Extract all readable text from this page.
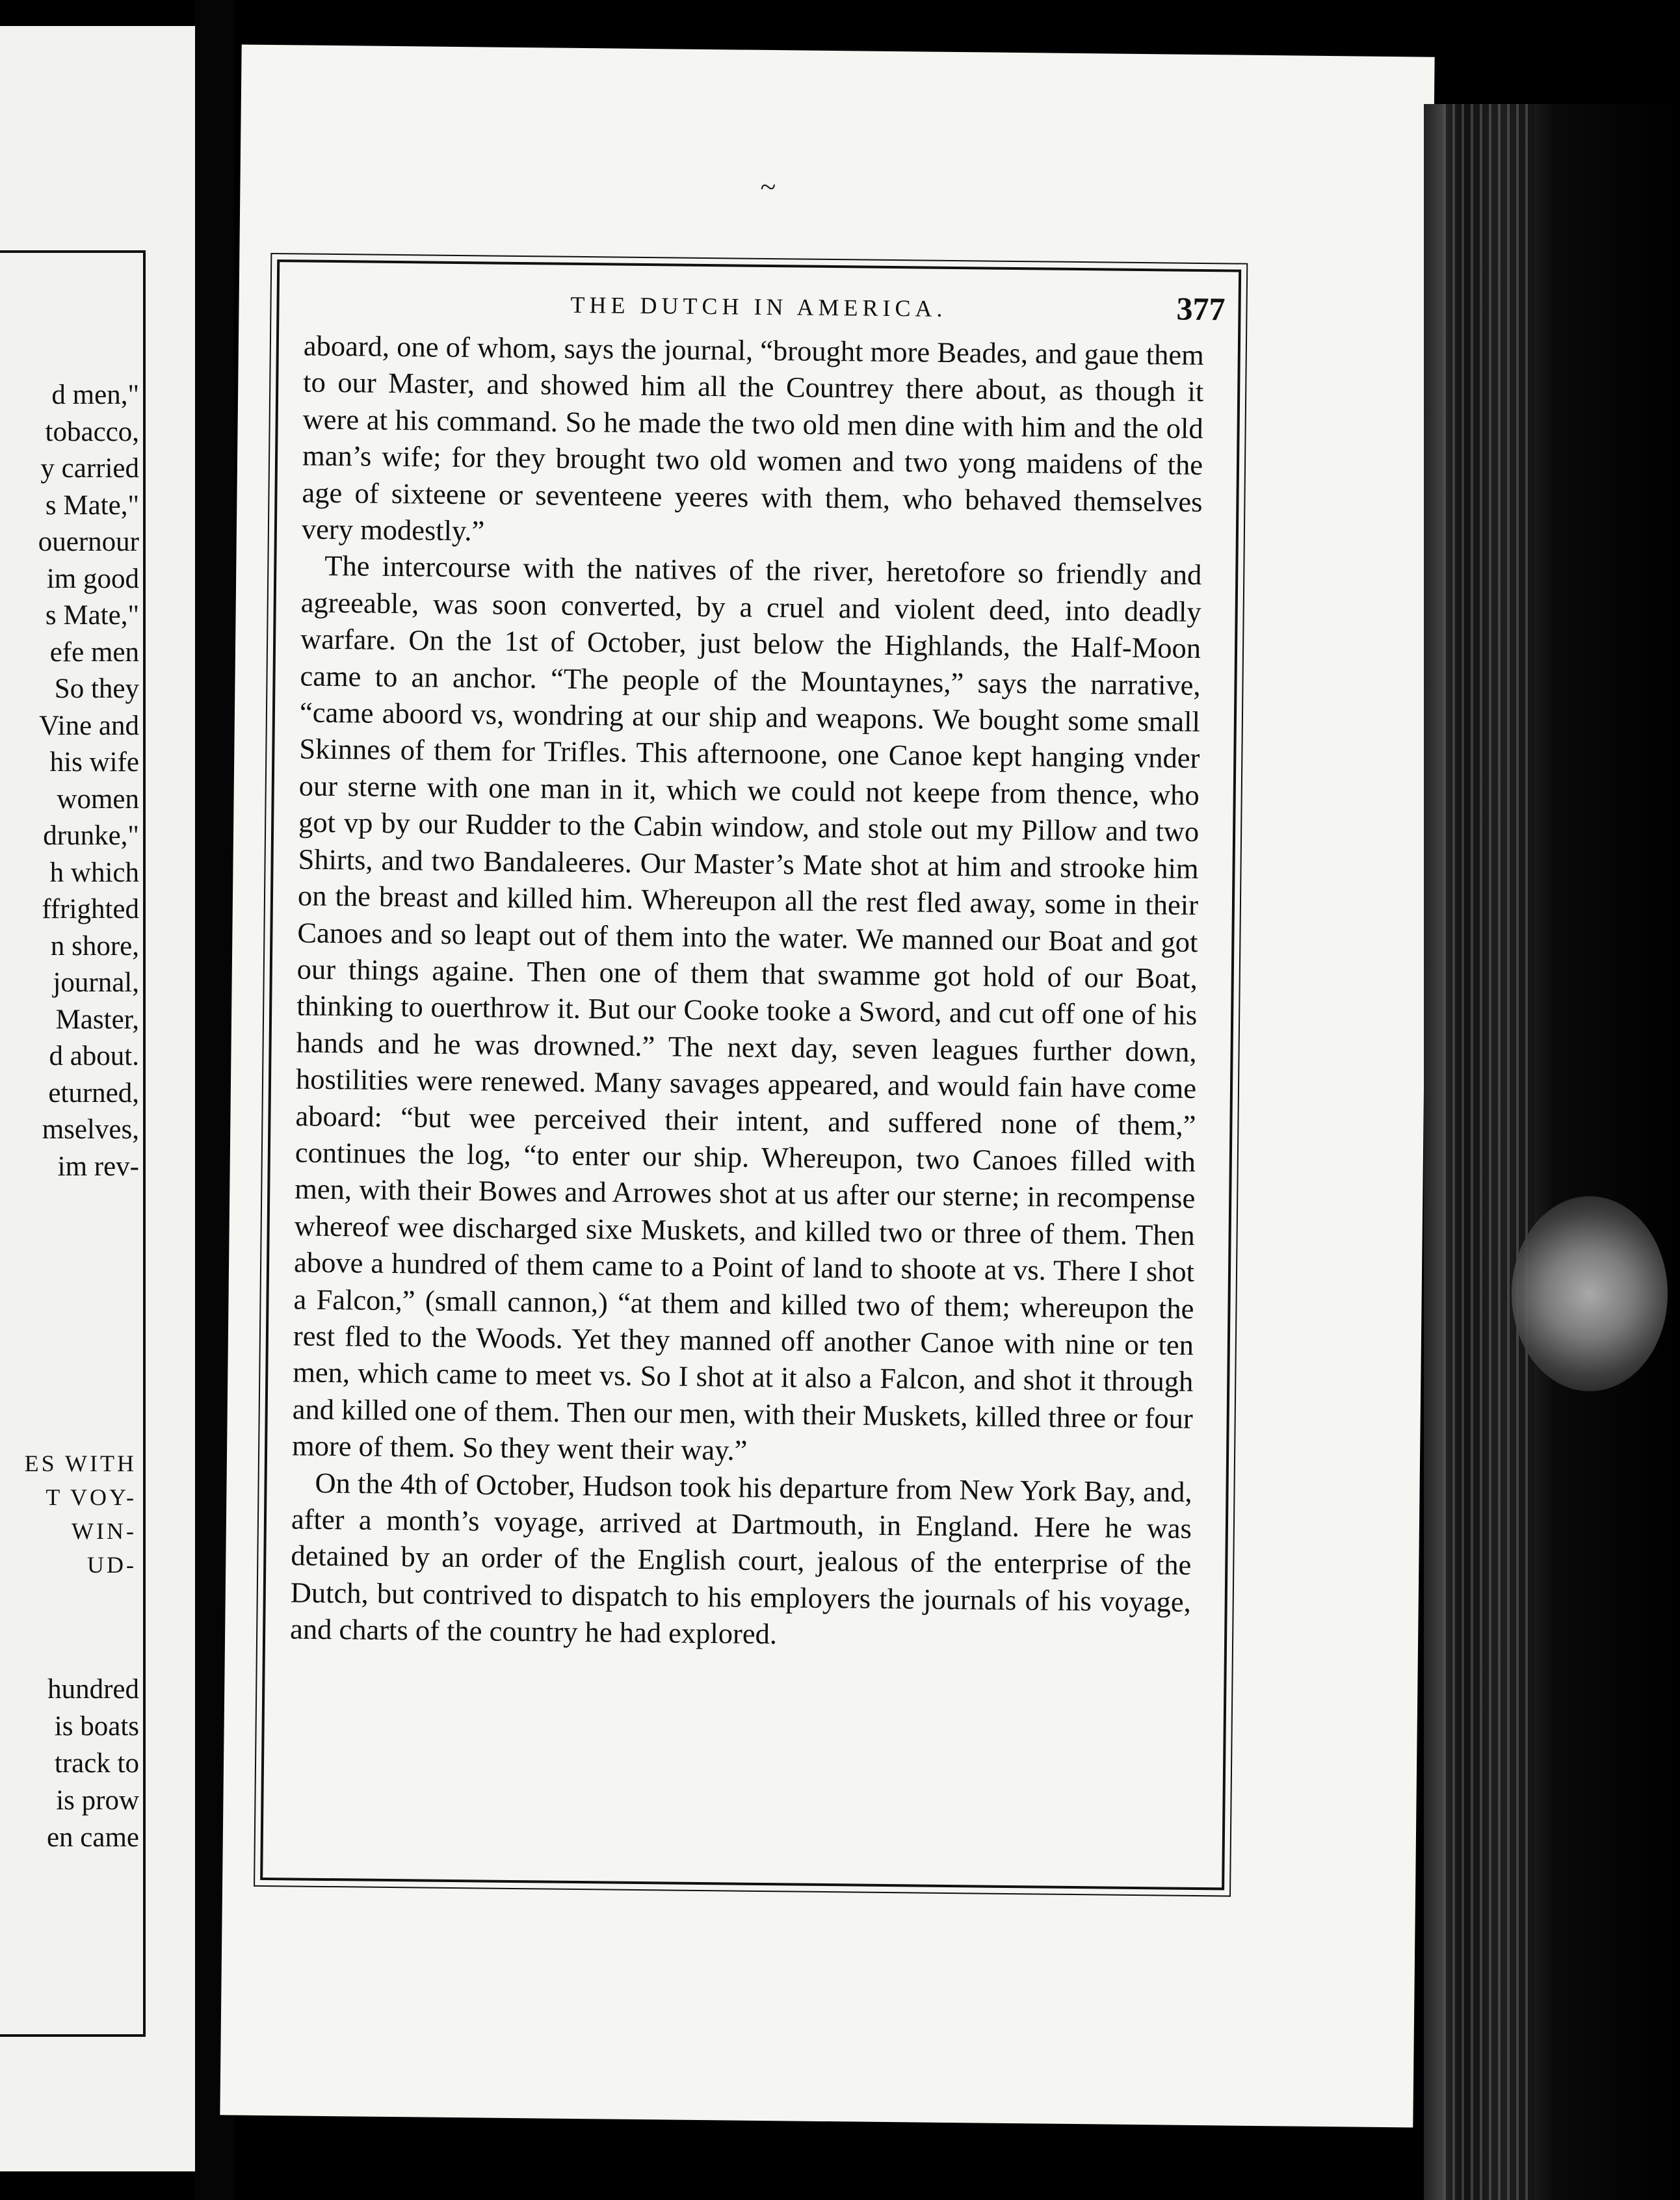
d men,"
tobacco,
y carried
s Mate,"
ouernour
im good
s Mate,"
efe men
So they
Vine and
his wife
women
drunke,"
h which
ffrighted
n shore,
journal,
Master,
d about.
eturned,
mselves,
im rev-
ES WITH
T VOY-
WIN-
UD-
hundred
is boats
track to
is prow
en came
~
THE DUTCH IN AMERICA.	377

aboard, one of whom, says the journal, “brought more Beades, and gaue them to our Master, and showed him all the Countrey there about, as though it were at his command. So he made the two old men dine with him and the old man’s wife; for they brought two old women and two yong maidens of the age of sixteene or seventeene yeeres with them, who behaved themselves very modestly.”

The intercourse with the natives of the river, heretofore so friendly and agreeable, was soon converted, by a cruel and violent deed, into deadly warfare. On the 1st of October, just below the Highlands, the Half-Moon came to an anchor. “The people of the Mountaynes,” says the narrative, “came aboord vs, wondring at our ship and weapons. We bought some small Skinnes of them for Trifles. This afternoone, one Canoe kept hanging vnder our sterne with one man in it, which we could not keepe from thence, who got vp by our Rudder to the Cabin window, and stole out my Pillow and two Shirts, and two Bandaleeres. Our Master’s Mate shot at him and strooke him on the breast and killed him. Whereupon all the rest fled away, some in their Canoes and so leapt out of them into the water. We manned our Boat and got our things againe. Then one of them that swamme got hold of our Boat, thinking to ouerthrow it. But our Cooke tooke a Sword, and cut off one of his hands and he was drowned.” The next day, seven leagues further down, hostilities were renewed. Many savages appeared, and would fain have come aboard: “but wee perceived their intent, and suffered none of them,” continues the log, “to enter our ship. Whereupon, two Canoes filled with men, with their Bowes and Arrowes shot at us after our sterne; in recompense whereof wee discharged sixe Muskets, and killed two or three of them. Then above a hundred of them came to a Point of land to shoote at vs. There I shot a Falcon,” (small cannon,) “at them and killed two of them; whereupon the rest fled to the Woods. Yet they manned off another Canoe with nine or ten men, which came to meet vs. So I shot at it also a Falcon, and shot it through and killed one of them. Then our men, with their Muskets, killed three or four more of them. So they went their way.”

On the 4th of October, Hudson took his departure from New York Bay, and, after a month’s voyage, arrived at Dartmouth, in England. Here he was detained by an order of the English court, jealous of the enterprise of the Dutch, but contrived to dispatch to his employers the journals of his voyage, and charts of the country he had explored.
